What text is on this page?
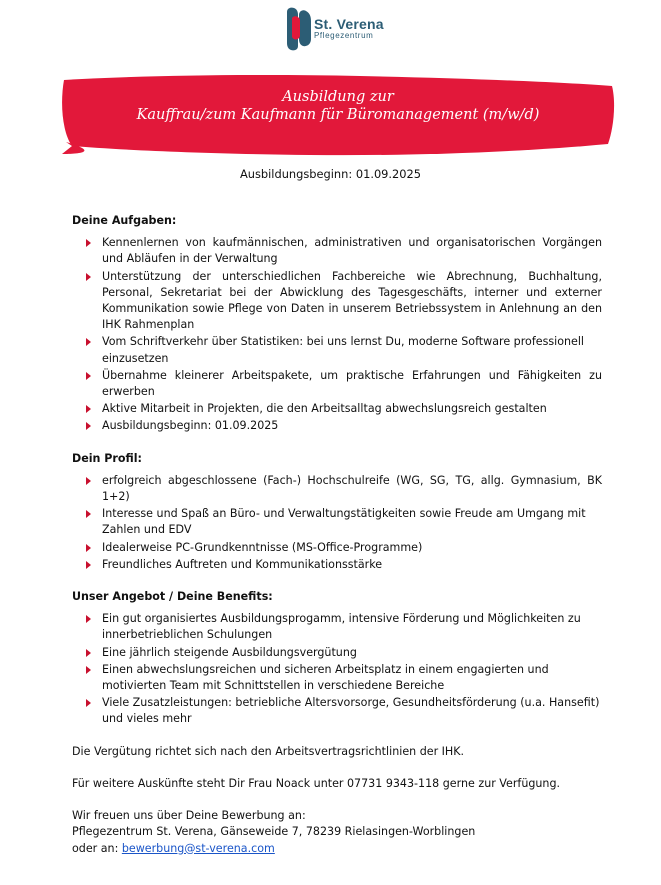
St. Verena
Pflegezentrum
Ausbildung zur
Kauffrau/zum Kaufmann für Büromanagement (m/w/d)
Ausbildungsbeginn: 01.09.2025
Deine Aufgaben:
Kennenlernen von kaufmännischen, administrativen und organisatorischen Vorgängen und Abläufen in der Verwaltung
Unterstützung der unterschiedlichen Fachbereiche wie Abrechnung, Buchhaltung, Personal, Sekretariat bei der Abwicklung des Tagesgeschäfts, interner und externer Kommunikation sowie Pflege von Daten in unserem Betriebssystem in Anlehnung an den IHK Rahmenplan
Vom Schriftverkehr über Statistiken: bei uns lernst Du, moderne Software professionell einzusetzen
Übernahme kleinerer Arbeitspakete, um praktische Erfahrungen und Fähigkeiten zu erwerben
Aktive Mitarbeit in Projekten, die den Arbeitsalltag abwechslungsreich gestalten
Ausbildungsbeginn: 01.09.2025
Dein Profil:
erfolgreich abgeschlossene (Fach-) Hochschulreife (WG, SG, TG, allg. Gymnasium, BK 1+2)
Interesse und Spaß an Büro- und Verwaltungstätigkeiten sowie Freude am Umgang mit Zahlen und EDV
Idealerweise PC-Grundkenntnisse (MS-Office-Programme)
Freundliches Auftreten und Kommunikationsstärke
Unser Angebot / Deine Benefits:
Ein gut organisiertes Ausbildungsprogamm, intensive Förderung und Möglichkeiten zu innerbetrieblichen Schulungen
Eine jährlich steigende Ausbildungsvergütung
Einen abwechslungsreichen und sicheren Arbeitsplatz in einem engagierten und motivierten Team mit Schnittstellen in verschiedene Bereiche
Viele Zusatzleistungen: betriebliche Altersvorsorge, Gesundheitsförderung (u.a. Hansefit) und vieles mehr

Die Vergütung richtet sich nach den Arbeitsvertragsrichtlinien der IHK.

Für weitere Auskünfte steht Dir Frau Noack unter 07731 9343-118 gerne zur Verfügung.

Wir freuen uns über Deine Bewerbung an:
Pflegezentrum St. Verena, Gänseweide 7, 78239 Rielasingen-Worblingen
oder an: bewerbung@st-verena.com
